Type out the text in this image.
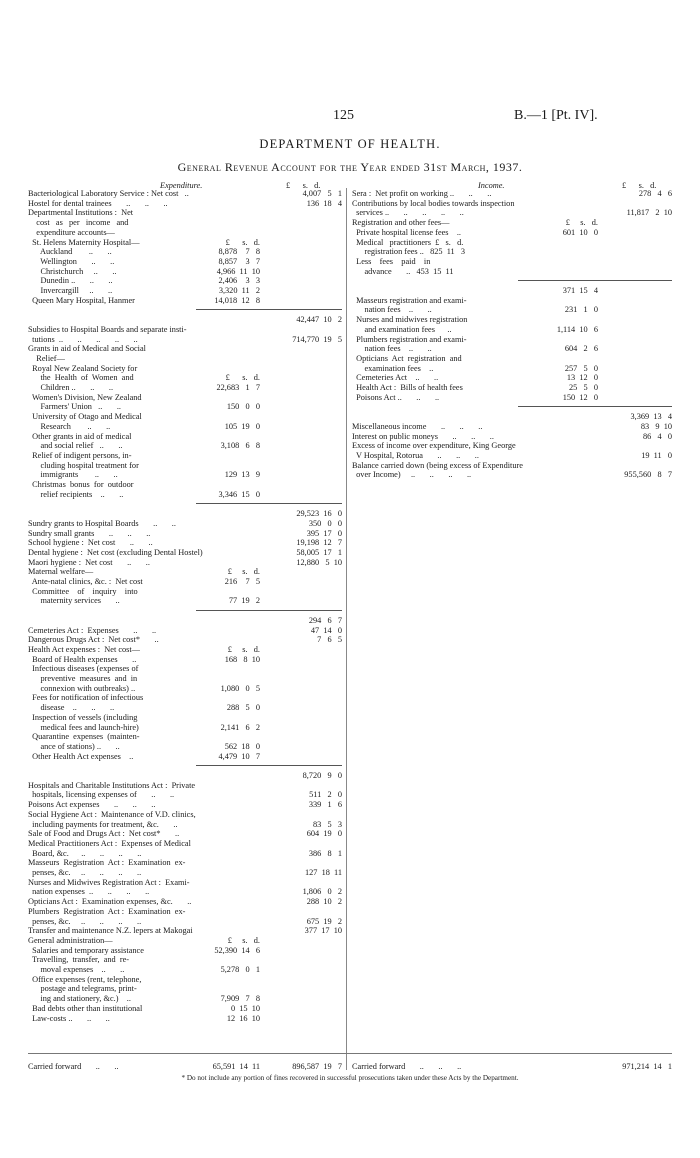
125	B.—1 [Pt. IV].
DEPARTMENT OF HEALTH.
General Revenue Account for the Year ended 31st March, 1937.
Expenditure.	£      s.   d.	Income.	£      s.   d.
Bacteriological Laboratory Service : Net cost   ..	4,007   5   1
Hostel for dental trainees       ..       ..       ..	136  18   4
Departmental Institutions :  Net
cost   as   per   income   and
expenditure accounts—
St. Helens Maternity Hospital—	£      s.   d.
Auckland        ..       ..	8,878    7   8
Wellington       ..       ..	8,857    3   7
Christchurch     ..       ..	4,966  11  10
Dunedin ..       ..       ..	2,406    3   3
Invercargill     ..       ..	3,320  11   2
Queen Mary Hospital, Hanmer	14,018  12   8
42,447  10   2
Subsidies to Hospital Boards and separate insti-
tutions  ..       ..       ..       ..       ..	714,770  19   5
Grants in aid of Medical and Social
Relief—
Royal New Zealand Society for
the  Health  of  Women  and	£      s.   d.
Children ..       ..       ..	22,683   1   7
Women's Division, New Zealand
Farmers' Union   ..       ..	150   0   0
University of Otago and Medical
Research        ..       ..	105  19   0
Other grants in aid of medical
and social relief   ..       ..	3,108   6   8
Relief of indigent persons, in-
cluding hospital treatment for
immigrants        ..       ..	129  13   9
Christmas  bonus  for  outdoor
relief recipients    ..       ..	3,346  15   0
29,523  16   0
Sundry grants to Hospital Boards       ..       ..	350   0   0
Sundry small grants       ..       ..       ..	395  17   0
School hygiene :  Net cost       ..       ..	19,198  12   7
Dental hygiene :  Net cost (excluding Dental Hostel)	58,005  17   1
Maori hygiene :  Net cost       ..       ..	12,880   5  10
Maternal welfare—	£     s.   d.
Ante-natal clinics, &c. :  Net cost	216    7   5
Committee    of    inquiry    into
maternity services       ..	77  19   2
294   6   7
Cemeteries Act :  Expenses       ..       ..	47  14   0
Dangerous Drugs Act :  Net cost*       ..	7   6   5
Health Act expenses :  Net cost—	£     s.   d.
Board of Health expenses       ..	168   8  10
Infectious diseases (expenses of
preventive  measures  and  in
connexion with outbreaks) ..	1,080   0   5
Fees for notification of infectious
disease    ..       ..       ..	288   5   0
Inspection of vessels (including
medical fees and launch-hire)	2,141   6   2
Quarantine  expenses  (mainten-
ance of stations) ..       ..	562  18   0
Other Health Act expenses    ..	4,479  10   7
8,720   9   0
Hospitals and Charitable Institutions Act :  Private
hospitals, licensing expenses of       ..       ..	511   2   0
Poisons Act expenses       ..       ..       ..	339   1   6
Social Hygiene Act :  Maintenance of V.D. clinics,
including payments for treatment, &c.       ..	83   5   3
Sale of Food and Drugs Act :  Net cost*       ..	604  19   0
Medical Practitioners Act :  Expenses of Medical
Board, &c.      ..       ..       ..       ..	386   8   1
Masseurs  Registration  Act :  Examination  ex-
penses, &c.     ..       ..       ..       ..	127  18  11
Nurses and Midwives Registration Act :  Exami-
nation expenses  ..       ..       ..       ..	1,806   0   2
Opticians Act :  Examination expenses, &c.       ..	288  10   2
Plumbers  Registration  Act :  Examination  ex-
penses, &c.     ..       ..       ..       ..	675  19   2
Transfer and maintenance N.Z. lepers at Makogai	377  17  10
General administration—	£     s.   d.
Salaries and temporary assistance	52,390  14   6
Travelling,  transfer,  and  re-
moval expenses    ..       ..	5,278   0   1
Office expenses (rent, telephone,
postage and telegrams, print-
ing and stationery, &c.)    ..	7,909   7   8
Bad debts other than institutional	0  15  10
Law-costs ..       ..       ..	12  16  10
Sera :  Net profit on working ..       ..       ..	278   4   6
Contributions by local bodies towards inspection
services ..       ..       ..       ..       ..	11,817   2  10
Registration and other fees—	£     s.   d.
Private hospital license fees    ..	601  10   0
Medical   practitioners  £   s.   d.
registration fees ..   825  11   3
Less    fees    paid    in
advance       ..   453  15  11
371  15   4
Masseurs registration and exami-
nation fees    ..       ..	231   1   0
Nurses and midwives registration
and examination fees      ..	1,114  10   6
Plumbers registration and exami-
nation fees    ..       ..	604   2   6
Opticians  Act  registration  and
examination fees    ..	257   5   0
Cemeteries Act    ..       ..	13  12   0
Health Act :  Bills of health fees	25   5   0
Poisons Act ..       ..       ..	150  12   0
3,369  13   4
Miscellaneous income       ..       ..       ..	83   9  10
Interest on public moneys       ..       ..       ..	86   4   0
Excess of income over expenditure, King George
V Hospital, Rotorua       ..       ..       ..	19  11   0
Balance carried down (being excess of Expenditure
over Income)     ..       ..       ..       ..	955,560   8   7
Carried forward       ..       ..	65,591  14  11	896,587  19   7 Carried forward       ..       ..       ..	971,214  14   1
* Do not include any portion of fines recovered in successful prosecutions taken under these Acts by the Department.
